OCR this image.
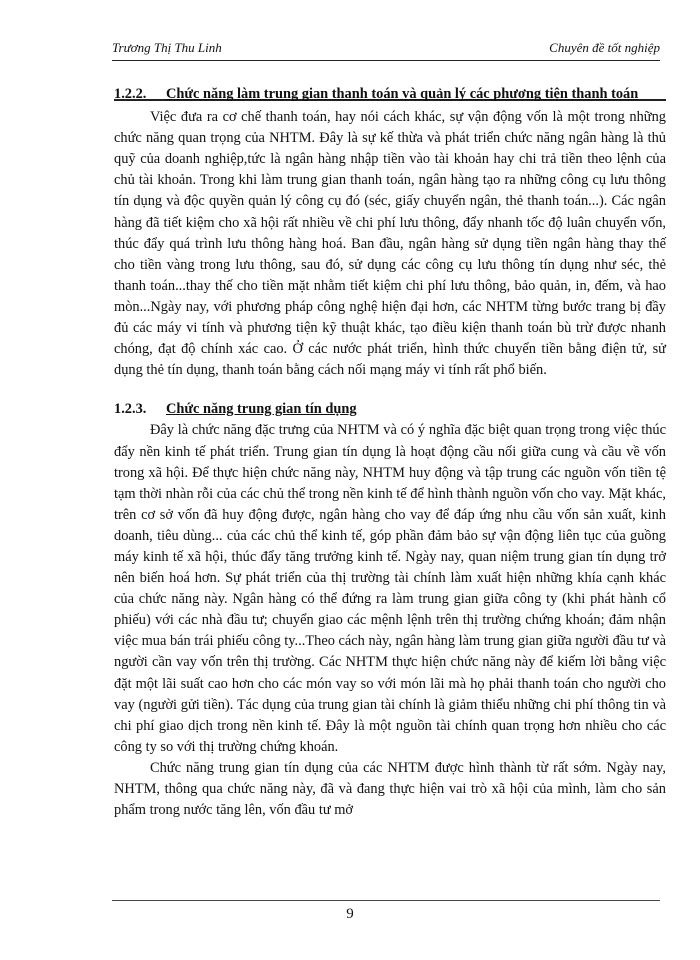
Trương Thị Thu Linh	Chuyên đề tốt nghiệp

1.2.2. Chức năng làm trung gian thanh toán và quản lý các phương tiện thanh toán

Việc đưa ra cơ chế thanh toán, hay nói cách khác, sự vận động vốn là một trong những chức năng quan trọng của NHTM. Đây là sự kế thừa và phát triển chức năng ngân hàng là thủ quỹ của doanh nghiệp,tức là ngân hàng nhập tiền vào tài khoản hay chi trả tiền theo lệnh của chủ tài khoản. Trong khi làm trung gian thanh toán, ngân hàng tạo ra những công cụ lưu thông tín dụng và độc quyền quản lý công cụ đó (séc, giấy chuyển ngân, thẻ thanh toán...). Các ngân hàng đã tiết kiệm cho xã hội rất nhiều về chi phí lưu thông, đẩy nhanh tốc độ luân chuyển vốn, thúc đẩy quá trình lưu thông hàng hoá. Ban đầu, ngân hàng sử dụng tiền ngân hàng thay thế cho tiền vàng trong lưu thông, sau đó, sử dụng các công cụ lưu thông tín dụng như séc, thẻ thanh toán...thay thế cho tiền mặt nhằm tiết kiệm chi phí lưu thông, bảo quản, in, đếm, và hao mòn...Ngày nay, với phương pháp công nghệ hiện đại hơn, các NHTM từng bước trang bị đầy đủ các máy vi tính và phương tiện kỹ thuật khác, tạo điều kiện thanh toán bù trừ được nhanh chóng, đạt độ chính xác cao. Ở các nước phát triển, hình thức chuyển tiền bằng điện tử, sử dụng thẻ tín dụng, thanh toán bằng cách nối mạng máy vi tính rất phổ biến.

1.2.3. Chức năng trung gian tín dụng

Đây là chức năng đặc trưng của NHTM và có ý nghĩa đặc biệt quan trọng trong việc thúc đẩy nền kinh tế phát triển. Trung gian tín dụng là hoạt động cầu nối giữa cung và cầu về vốn trong xã hội. Để thực hiện chức năng này, NHTM huy động và tập trung các nguồn vốn tiền tệ tạm thời nhàn rỗi của các chủ thể trong nền kinh tế để hình thành nguồn vốn cho vay. Mặt khác, trên cơ sở vốn đã huy động được, ngân hàng cho vay để đáp ứng nhu cầu vốn sản xuất, kinh doanh, tiêu dùng... của các chủ thể kinh tế, góp phần đảm bảo sự vận động liên tục của guồng máy kinh tế xã hội, thúc đẩy tăng trưởng kinh tế. Ngày nay, quan niệm trung gian tín dụng trở nên biến hoá hơn. Sự phát triển của thị trường tài chính làm xuất hiện những khía cạnh khác của chức năng này. Ngân hàng có thể đứng ra làm trung gian giữa công ty (khi phát hành cổ phiếu) với các nhà đầu tư; chuyển giao các mệnh lệnh trên thị trường chứng khoán; đảm nhận việc mua bán trái phiếu công ty...Theo cách này, ngân hàng làm trung gian giữa người đầu tư và người cần vay vốn trên thị trường. Các NHTM thực hiện chức năng này để kiếm lời bằng việc đặt một lãi suất cao hơn cho các món vay so với món lãi mà họ phải thanh toán cho người cho vay (người gửi tiền). Tác dụng của trung gian tài chính là giảm thiểu những chi phí thông tin và chi phí giao dịch trong nền kinh tế. Đây là một nguồn tài chính quan trọng hơn nhiều cho các công ty so với thị trường chứng khoán.

Chức năng trung gian tín dụng của các NHTM được hình thành từ rất sớm. Ngày nay, NHTM, thông qua chức năng này, đã và đang thực hiện vai trò xã hội của mình, làm cho sản phẩm trong nước tăng lên, vốn đầu tư mở

9
